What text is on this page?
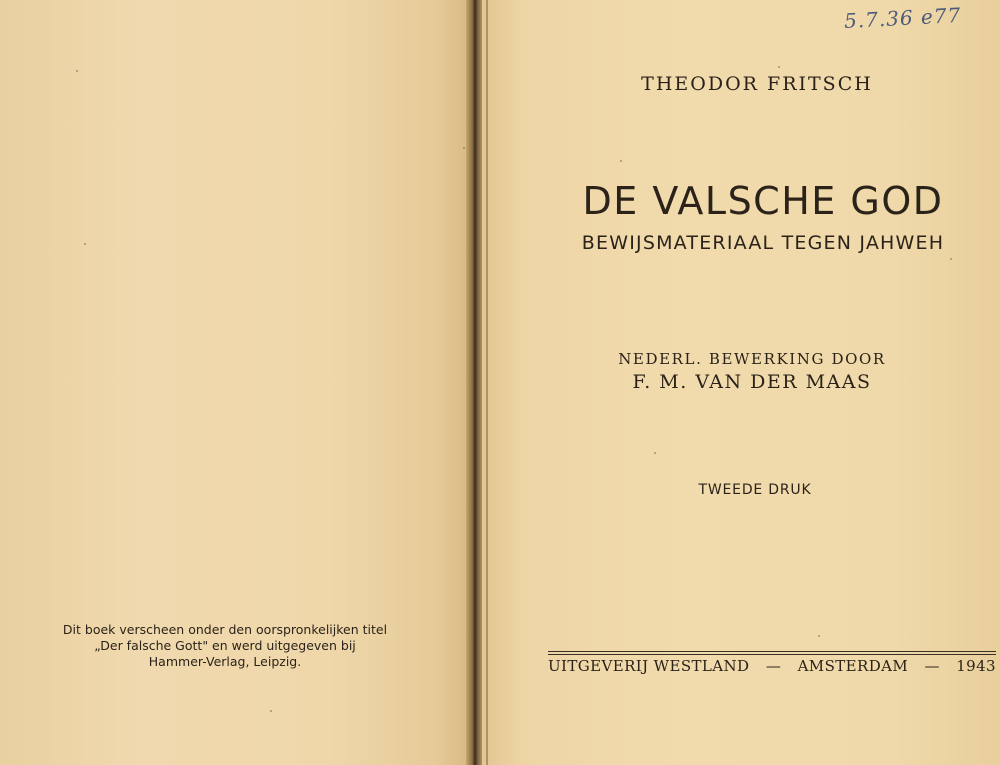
Dit boek verscheen onder den oorspronkelijken titel
„Der falsche Gott" en werd uitgegeven bij
Hammer-Verlag, Leipzig.
5.7.36 e77
THEODOR FRITSCH
DE VALSCHE GOD
BEWIJSMATERIAAL TEGEN JAHWEH
NEDERL. BEWERKING DOOR
F. M. VAN DER MAAS
TWEEDE DRUK
UITGEVERIJ WESTLAND — AMSTERDAM — 1943
